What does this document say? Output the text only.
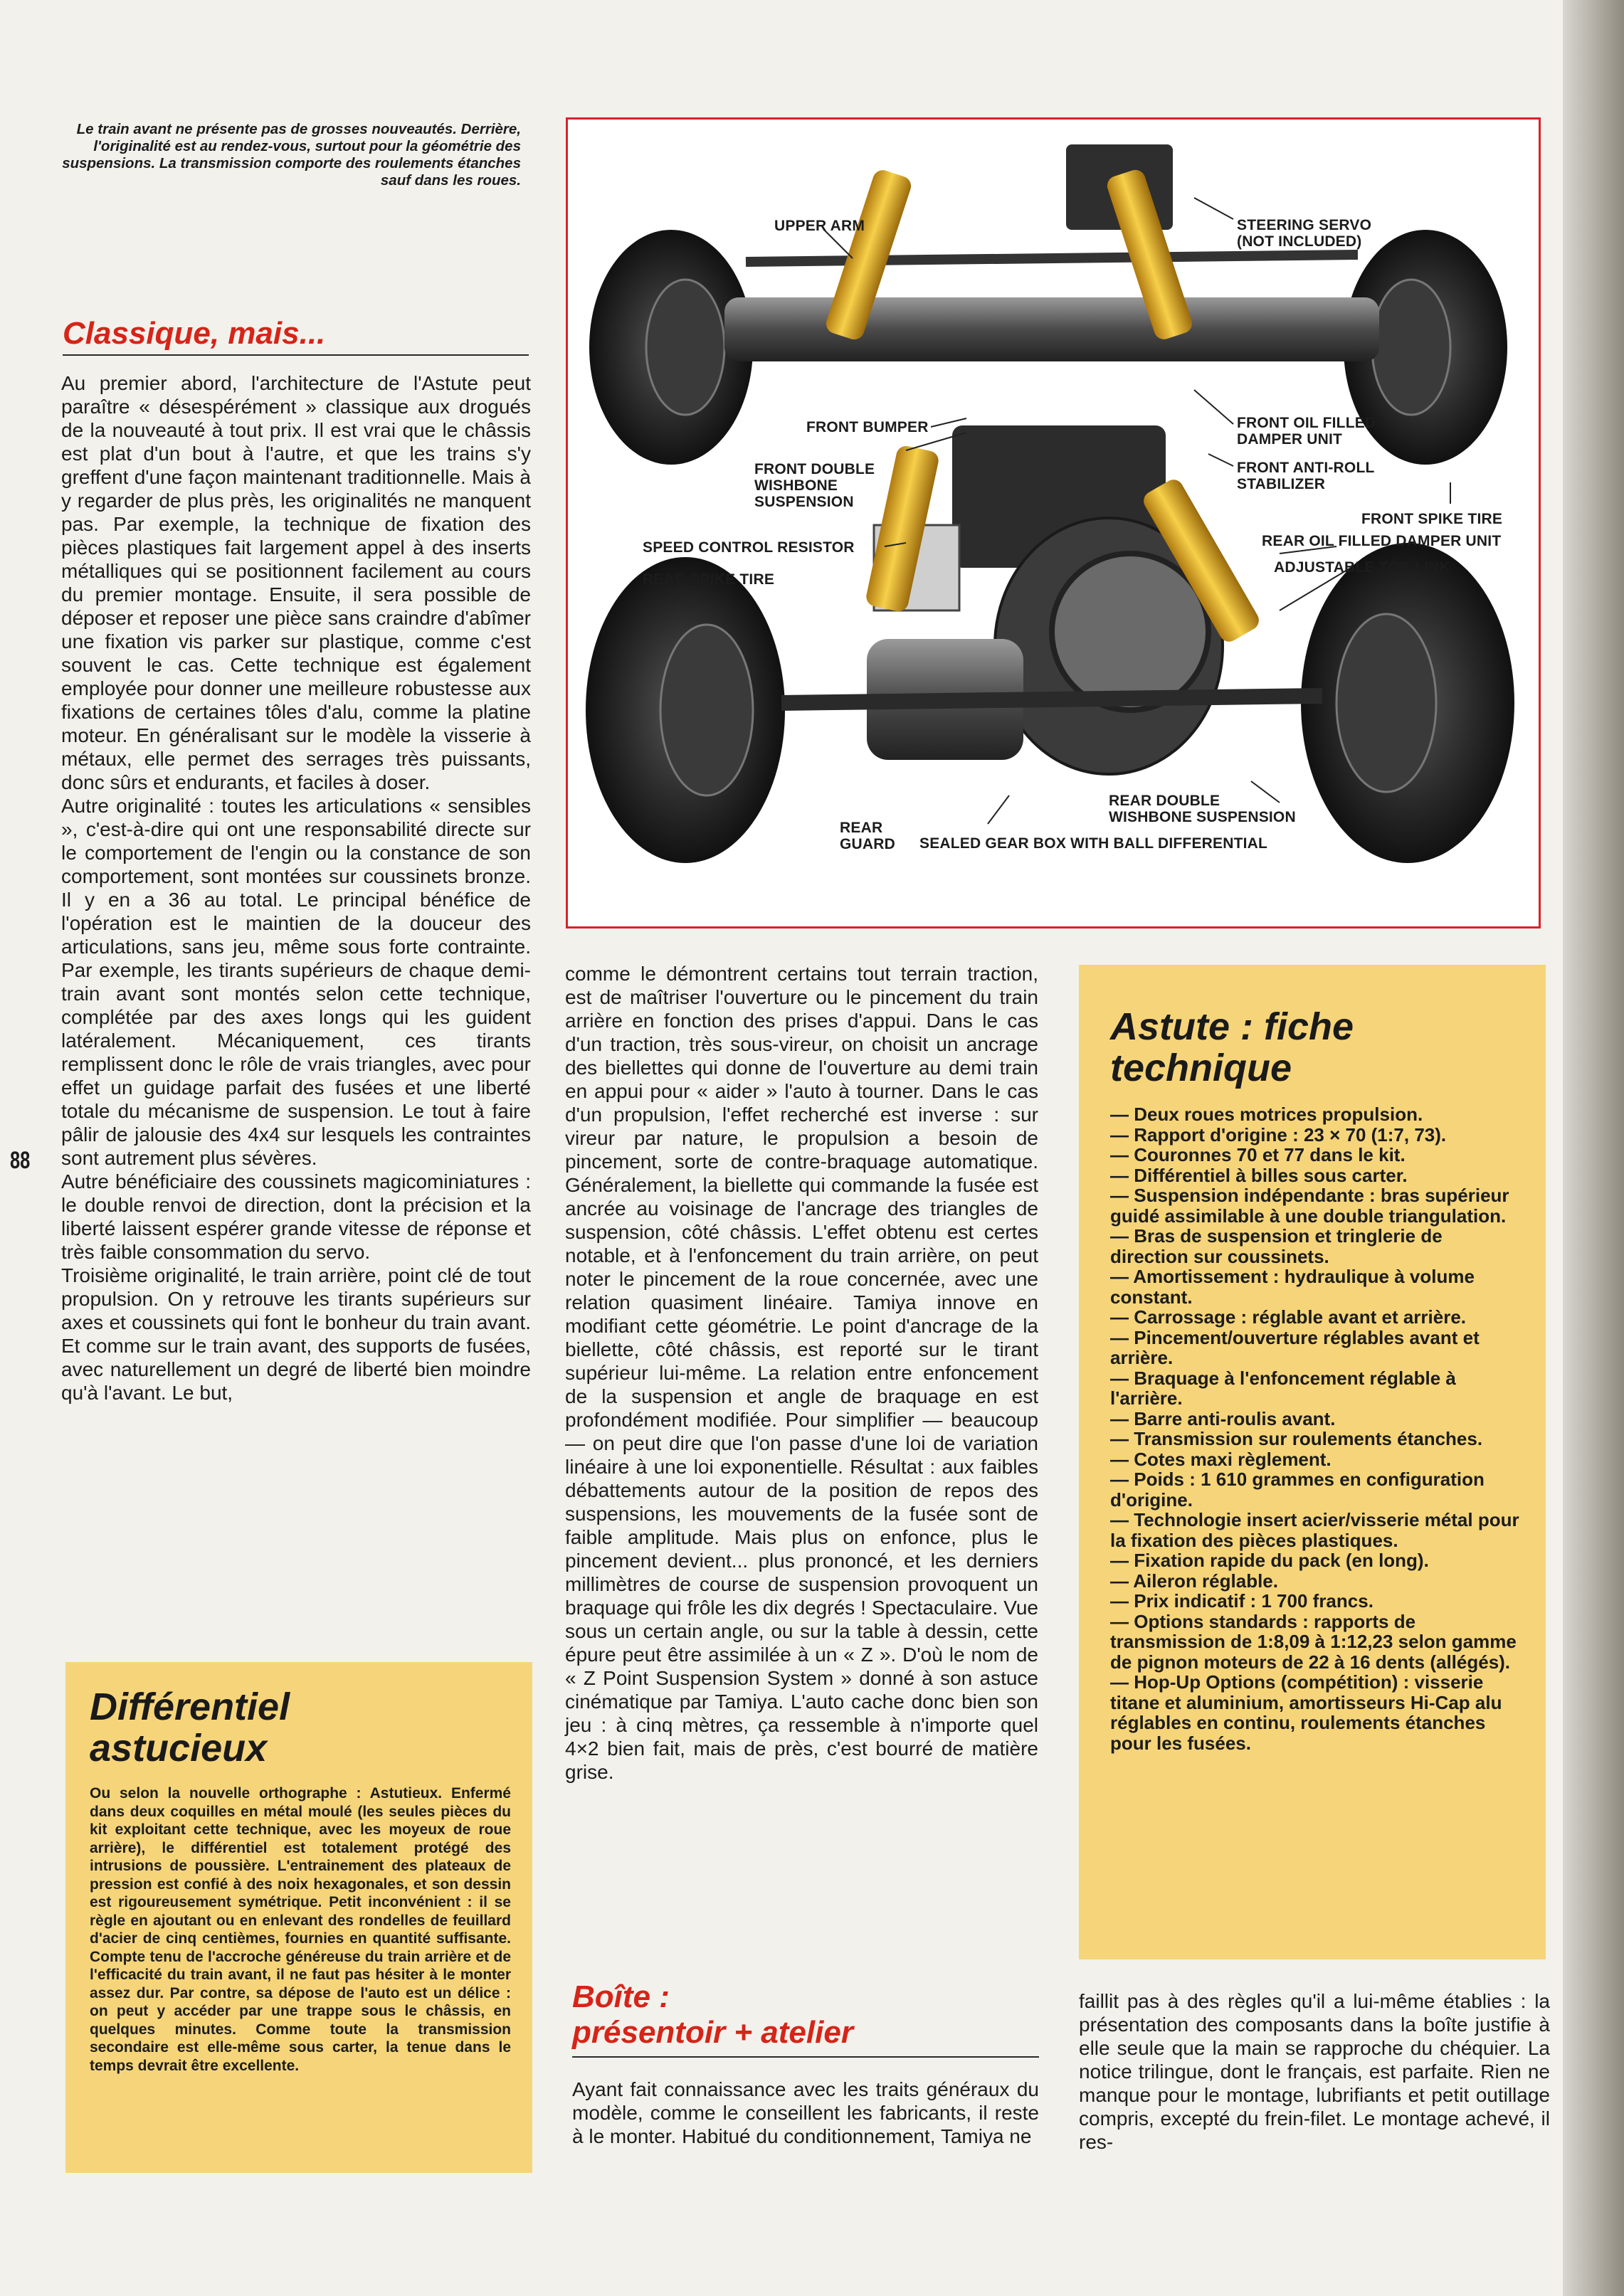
Le train avant ne présente pas de grosses nouveautés. Derrière, l'originalité est au rendez-vous, surtout pour la géométrie des suspensions. La transmission comporte des roulements étanches sauf dans les roues.
UPPER ARM	STEERING SERVO
(NOT INCLUDED)
FRONT BUMPER
FRONT DOUBLE
WISHBONE
SUSPENSION
FRONT OIL FILLED
DAMPER UNIT
FRONT ANTI-ROLL
STABILIZER
FRONT SPIKE TIRE
SPEED CONTROL RESISTOR	REAR OIL FILLED DAMPER UNIT
REAR SPIKE TIRE
ADJUSTABLE TOE-LINK
REAR DOUBLE
WISHBONE SUSPENSION
REAR
GUARD SEALED GEAR BOX WITH BALL DIFFERENTIAL
Classique, mais...

Au premier abord, l'architecture de l'Astute peut paraître « désespérément » classique aux drogués de la nouveauté à tout prix. Il est vrai que le châssis est plat d'un bout à l'autre, et que les trains s'y greffent d'une façon maintenant traditionnelle. Mais à y regarder de plus près, les originalités ne manquent pas. Par exemple, la technique de fixation des pièces plastiques fait largement appel à des inserts métalliques qui se positionnent facilement au cours du premier montage. Ensuite, il sera possible de déposer et reposer une pièce sans craindre d'abîmer une fixation vis parker sur plastique, comme c'est souvent le cas. Cette technique est également employée pour donner une meilleure robustesse aux fixations de certaines tôles d'alu, comme la platine moteur. En généralisant sur le modèle la visserie à métaux, elle permet des serrages très puissants, donc sûrs et endurants, et faciles à doser.

Autre originalité : toutes les articulations « sensibles », c'est-à-dire qui ont une responsabilité directe sur le comportement de l'engin ou la constance de son comportement, sont montées sur coussinets bronze. Il y en a 36 au total. Le principal bénéfice de l'opération est le maintien de la douceur des articulations, sans jeu, même sous forte contrainte. Par exemple, les tirants supérieurs de chaque demi-train avant sont montés selon cette technique, complétée par des axes longs qui les guident latéralement. Mécaniquement, ces tirants remplissent donc le rôle de vrais triangles, avec pour effet un guidage parfait des fusées et une liberté totale du mécanisme de suspension. Le tout à faire pâlir de jalousie des 4x4 sur lesquels les contraintes sont autrement plus sévères.

Autre bénéficiaire des coussinets magicominiatures : le double renvoi de direction, dont la précision et la liberté laissent espérer grande vitesse de réponse et très faible consommation du servo.

Troisième originalité, le train arrière, point clé de tout propulsion. On y retrouve les tirants supérieurs sur axes et coussinets qui font le bonheur du train avant. Et comme sur le train avant, des supports de fusées, avec naturellement un degré de liberté bien moindre qu'à l'avant. Le but,

88
Différentiel
astucieux
Ou selon la nouvelle orthographe : Astutieux. Enfermé dans deux coquilles en métal moulé (les seules pièces du kit exploitant cette technique, avec les moyeux de roue arrière), le différentiel est totalement protégé des intrusions de poussière. L'entrainement des plateaux de pression est confié à des noix hexagonales, et son dessin est rigoureusement symétrique. Petit inconvénient : il se règle en ajoutant ou en enlevant des rondelles de feuillard d'acier de cinq centièmes, fournies en quantité suffisante. Compte tenu de l'accroche généreuse du train arrière et de l'efficacité du train avant, il ne faut pas hésiter à le monter assez dur. Par contre, sa dépose de l'auto est un délice : on peut y accéder par une trappe sous le châssis, en quelques minutes. Comme toute la transmission secondaire est elle-même sous carter, la tenue dans le temps devrait être excellente.
comme le démontrent certains tout terrain traction, est de maîtriser l'ouverture ou le pincement du train arrière en fonction des prises d'appui. Dans le cas d'un traction, très sous-vireur, on choisit un ancrage des biellettes qui donne de l'ouverture au demi train en appui pour « aider » l'auto à tourner. Dans le cas d'un propulsion, l'effet recherché est inverse : sur vireur par nature, le propulsion a besoin de pincement, sorte de contre-braquage automatique. Généralement, la biellette qui commande la fusée est ancrée au voisinage de l'ancrage des triangles de suspension, côté châssis. L'effet obtenu est certes notable, et à l'enfoncement du train arrière, on peut noter le pincement de la roue concernée, avec une relation quasiment linéaire. Tamiya innove en modifiant cette géométrie. Le point d'ancrage de la biellette, côté châssis, est reporté sur le tirant supérieur lui-même. La relation entre enfoncement de la suspension et angle de braquage en est profondément modifiée. Pour simplifier — beaucoup — on peut dire que l'on passe d'une loi de variation linéaire à une loi exponentielle. Résultat : aux faibles débattements autour de la position de repos des suspensions, les mouvements de la fusée sont de faible amplitude. Mais plus on enfonce, plus le pincement devient... plus prononcé, et les derniers millimètres de course de suspension provoquent un braquage qui frôle les dix degrés ! Spectaculaire. Vue sous un certain angle, ou sur la table à dessin, cette épure peut être assimilée à un « Z ». D'où le nom de « Z Point Suspension System » donné à son astuce cinématique par Tamiya. L'auto cache donc bien son jeu : à cinq mètres, ça ressemble à n'importe quel 4×2 bien fait, mais de près, c'est bourré de matière grise.
Boîte :
présentoir + atelier
Ayant fait connaissance avec les traits généraux du modèle, comme le conseillent les fabricants, il reste à le monter. Habitué du conditionnement, Tamiya ne
Astute : fiche
technique
— Deux roues motrices propulsion.
— Rapport d'origine : 23 × 70 (1:7, 73).
— Couronnes 70 et 77 dans le kit.
— Différentiel à billes sous carter.
— Suspension indépendante : bras supérieur guidé assimilable à une double triangulation.
— Bras de suspension et tringlerie de direction sur coussinets.
— Amortissement : hydraulique à volume constant.
— Carrossage : réglable avant et arrière.
— Pincement/ouverture réglables avant et arrière.
— Braquage à l'enfoncement réglable à l'arrière.
— Barre anti-roulis avant.
— Transmission sur roulements étanches.
— Cotes maxi règlement.
— Poids : 1 610 grammes en configuration d'origine.
— Technologie insert acier/visserie métal pour la fixation des pièces plastiques.
— Fixation rapide du pack (en long).
— Aileron réglable.
— Prix indicatif : 1 700 francs.
— Options standards : rapports de transmission de 1:8,09 à 1:12,23 selon gamme de pignon moteurs de 22 à 16 dents (allégés).
— Hop-Up Options (compétition) : visserie titane et aluminium, amortisseurs Hi-Cap alu réglables en continu, roulements étanches pour les fusées.
faillit pas à des règles qu'il a lui-même établies : la présentation des composants dans la boîte justifie à elle seule que la main se rapproche du chéquier. La notice trilingue, dont le français, est parfaite. Rien ne manque pour le montage, lubrifiants et petit outillage compris, excepté du frein-filet. Le montage achevé, il res-
